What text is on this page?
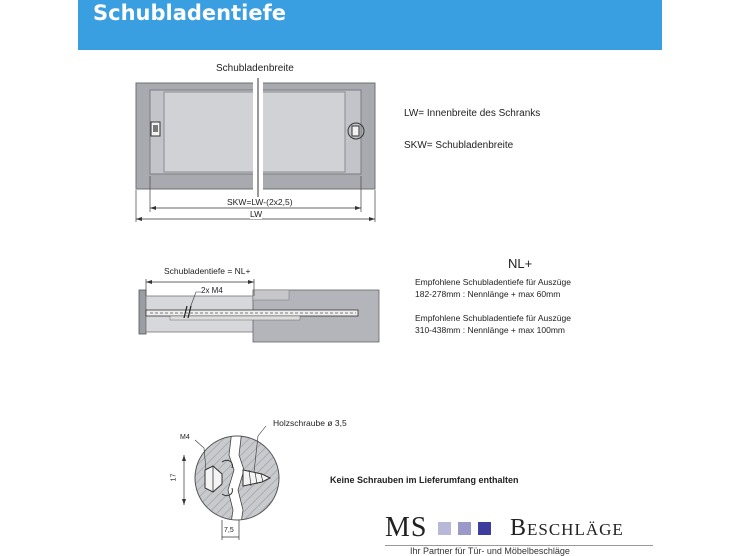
Schubladentiefe
Schubladenbreite
LW= Innenbreite des Schranks
SKW= Schubladenbreite
SKW=LW-(2x2,5)
LW
NL+
Schubladentiefe = NL+
2x M4
Empfohlene Schubladentiefe für Auszüge
182-278mm : Nennlänge + max 60mm
Empfohlene Schubladentiefe für Auszüge
310-438mm : Nennlänge + max 100mm
Holzschraube ø 3,5
M4
17
7,5
Keine Schrauben im Lieferumfang enthalten
MS	Beschläge
Ihr Partner für Tür- und Möbelbeschläge
